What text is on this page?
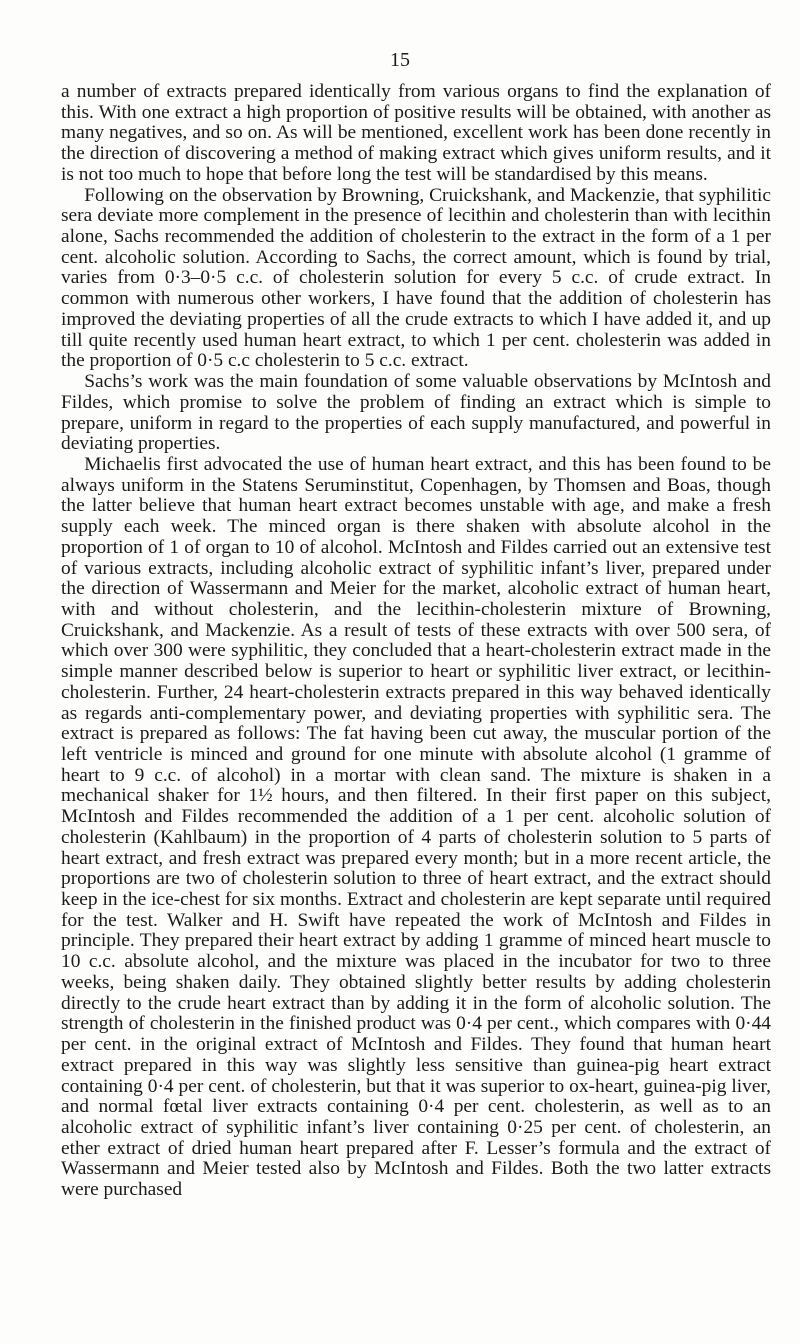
15

a number of extracts prepared identically from various organs to find the explanation of this. With one extract a high proportion of positive results will be obtained, with another as many negatives, and so on. As will be mentioned, excellent work has been done recently in the direction of discovering a method of making extract which gives uniform results, and it is not too much to hope that before long the test will be standardised by this means.

Following on the observation by Browning, Cruickshank, and Mackenzie, that syphilitic sera deviate more complement in the presence of lecithin and cholesterin than with lecithin alone, Sachs recommended the addition of cholesterin to the extract in the form of a 1 per cent. alcoholic solution. According to Sachs, the correct amount, which is found by trial, varies from 0·3–0·5 c.c. of cholesterin solution for every 5 c.c. of crude extract. In common with numerous other workers, I have found that the addition of cholesterin has improved the deviating properties of all the crude extracts to which I have added it, and up till quite recently used human heart extract, to which 1 per cent. cholesterin was added in the proportion of 0·5 c.c cholesterin to 5 c.c. extract.

Sachs’s work was the main foundation of some valuable observations by McIntosh and Fildes, which promise to solve the problem of finding an extract which is simple to prepare, uniform in regard to the properties of each supply manufactured, and powerful in deviating properties.

Michaelis first advocated the use of human heart extract, and this has been found to be always uniform in the Statens Seruminstitut, Copenhagen, by Thomsen and Boas, though the latter believe that human heart extract becomes unstable with age, and make a fresh supply each week. The minced organ is there shaken with absolute alcohol in the proportion of 1 of organ to 10 of alcohol. McIntosh and Fildes carried out an extensive test of various extracts, including alcoholic extract of syphilitic infant’s liver, prepared under the direction of Wassermann and Meier for the market, alcoholic extract of human heart, with and without cholesterin, and the lecithin-cholesterin mixture of Browning, Cruickshank, and Mackenzie. As a result of tests of these extracts with over 500 sera, of which over 300 were syphilitic, they concluded that a heart-cholesterin extract made in the simple manner described below is superior to heart or syphilitic liver extract, or lecithin-cholesterin. Further, 24 heart-cholesterin extracts prepared in this way behaved identically as regards anti-complementary power, and deviating properties with syphilitic sera. The extract is prepared as follows: The fat having been cut away, the muscular portion of the left ventricle is minced and ground for one minute with absolute alcohol (1 gramme of heart to 9 c.c. of alcohol) in a mortar with clean sand. The mixture is shaken in a mechanical shaker for 1½ hours, and then filtered. In their first paper on this subject, McIntosh and Fildes recommended the addition of a 1 per cent. alcoholic solution of cholesterin (Kahlbaum) in the proportion of 4 parts of cholesterin solution to 5 parts of heart extract, and fresh extract was prepared every month; but in a more recent article, the proportions are two of cholesterin solution to three of heart extract, and the extract should keep in the ice-chest for six months. Extract and cholesterin are kept separate until required for the test. Walker and H. Swift have repeated the work of McIntosh and Fildes in principle. They prepared their heart extract by adding 1 gramme of minced heart muscle to 10 c.c. absolute alcohol, and the mixture was placed in the incubator for two to three weeks, being shaken daily. They obtained slightly better results by adding cholesterin directly to the crude heart extract than by adding it in the form of alcoholic solution. The strength of cholesterin in the finished product was 0·4 per cent., which compares with 0·44 per cent. in the original extract of McIntosh and Fildes. They found that human heart extract prepared in this way was slightly less sensitive than guinea-pig heart extract containing 0·4 per cent. of cholesterin, but that it was superior to ox-heart, guinea-pig liver, and normal fœtal liver extracts containing 0·4 per cent. cholesterin, as well as to an alcoholic extract of syphilitic infant’s liver containing 0·25 per cent. of cholesterin, an ether extract of dried human heart prepared after F. Lesser’s formula and the extract of Wassermann and Meier tested also by McIntosh and Fildes. Both the two latter extracts were purchased
